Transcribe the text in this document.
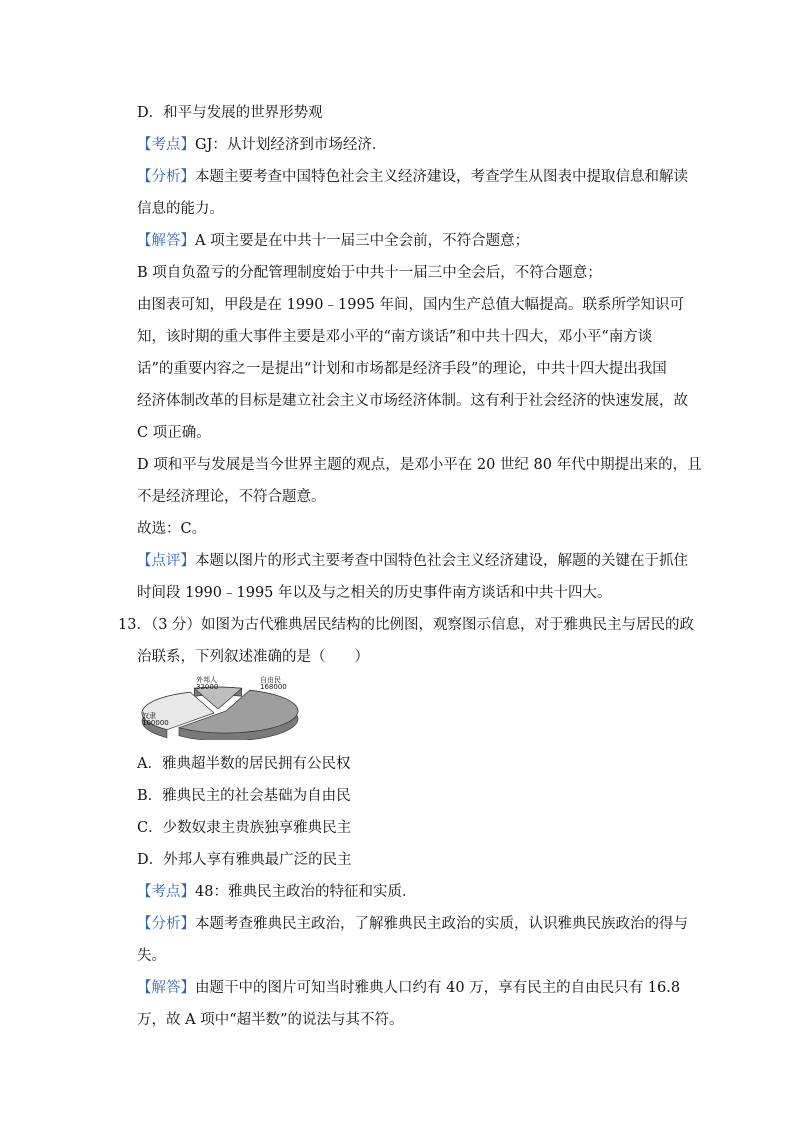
D．和平与发展的世界形势观
【考点】GJ：从计划经济到市场经济．
【分析】本题主要考查中国特色社会主义经济建设，考查学生从图表中提取信息和解读
信息的能力。
【解答】A 项主要是在中共十一届三中全会前，不符合题意；
B 项自负盈亏的分配管理制度始于中共十一届三中全会后，不符合题意；
由图表可知，甲段是在 1990﹣1995 年间，国内生产总值大幅提高。联系所学知识可
知，该时期的重大事件主要是邓小平的“南方谈话”和中共十四大，邓小平“南方谈
话”的重要内容之一是提出“计划和市场都是经济手段”的理论，中共十四大提出我国
经济体制改革的目标是建立社会主义市场经济体制。这有利于社会经济的快速发展，故
C 项正确。
D 项和平与发展是当今世界主题的观点，是邓小平在 20 世纪 80 年代中期提出来的，且
不是经济理论，不符合题意。
故选：C。
【点评】本题以图片的形式主要考查中国特色社会主义经济建设，解题的关键在于抓住
时间段 1990﹣1995 年以及与之相关的历史事件南方谈话和中共十四大。
13．（3 分）如图为古代雅典居民结构的比例图，观察图示信息，对于雅典民主与居民的政
治联系，下列叙述准确的是（　　）
A．雅典超半数的居民拥有公民权
B．雅典民主的社会基础为自由民
C．少数奴隶主贵族独享雅典民主
D．外邦人享有雅典最广泛的民主
【考点】48：雅典民主政治的特征和实质．
【分析】本题考查雅典民主政治，了解雅典民主政治的实质，认识雅典民族政治的得与
失。
【解答】由题干中的图片可知当时雅典人口约有 40 万，享有民主的自由民只有 16.8
万，故 A 项中“超半数”的说法与其不符。
外邦人
32000
自由民
168000
奴隶
100000
